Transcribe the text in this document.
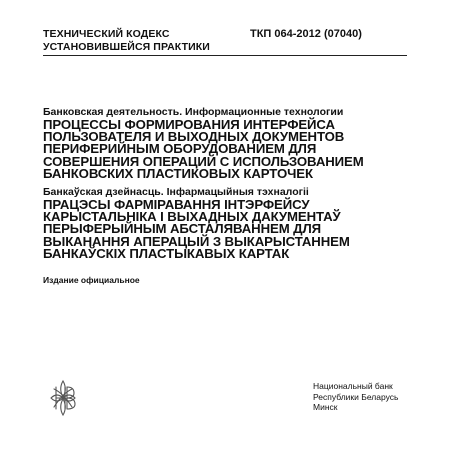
ТЕХНИЧЕСКИЙ КОДЕКС
УСТАНОВИВШЕЙСЯ ПРАКТИКИ
ТКП 064-2012 (07040)
Банковская деятельность. Информационные технологии
ПРОЦЕССЫ ФОРМИРОВАНИЯ ИНТЕРФЕЙСА
ПОЛЬЗОВАТЕЛЯ И ВЫХОДНЫХ ДОКУМЕНТОВ
ПЕРИФЕРИЙНЫМ ОБОРУДОВАНИЕМ ДЛЯ
СОВЕРШЕНИЯ ОПЕРАЦИЙ С ИСПОЛЬЗОВАНИЕМ
БАНКОВСКИХ ПЛАСТИКОВЫХ КАРТОЧЕК
Банкаўская дзейнасць. Інфармацыйныя тэхналогіі
ПРАЦЭСЫ ФАРМІРАВАННЯ ІНТЭРФЕЙСУ
КАРЫСТАЛЬНІКА І ВЫХАДНЫХ ДАКУМЕНТАЎ
ПЕРЫФЕРЫЙНЫМ АБСТАЛЯВАННЕМ ДЛЯ
ВЫКАНАННЯ АПЕРАЦЫЙ З ВЫКАРЫСТАННЕМ
БАНКАЎСКІХ ПЛАСТЫКАВЫХ КАРТАК
Издание официальное
Национальный банк
Республики Беларусь
Минск
